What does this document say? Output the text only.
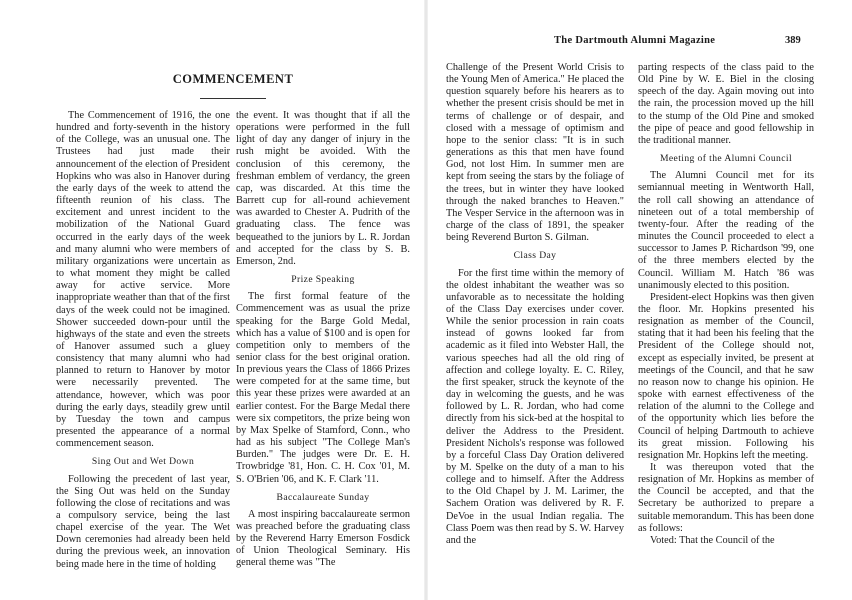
COMMENCEMENT

The Commencement of 1916, the one hundred and forty-seventh in the history of the College, was an unusual one. The Trustees had just made their announcement of the election of President Hopkins who was also in Hanover during the early days of the week to attend the fifteenth reunion of his class. The excitement and unrest incident to the mobilization of the National Guard occurred in the early days of the week and many alumni who were members of military organizations were uncertain as to what moment they might be called away for active service. More inappropriate weather than that of the first days of the week could not be imagined. Shower succeeded down-pour until the highways of the state and even the streets of Hanover assumed such a gluey consistency that many alumni who had planned to return to Hanover by motor were necessarily prevented. The attendance, however, which was poor during the early days, steadily grew until by Tuesday the town and campus presented the appearance of a normal commencement season.

Sing Out and Wet Down

Following the precedent of last year, the Sing Out was held on the Sunday following the close of recitations and was a compulsory service, being the last chapel exercise of the year. The Wet Down ceremonies had already been held during the previous week, an innovation being made here in the time of holding

the event. It was thought that if all the operations were performed in the full light of day any danger of injury in the rush might be avoided. With the conclusion of this ceremony, the freshman emblem of verdancy, the green cap, was discarded. At this time the Barrett cup for all-round achievement was awarded to Chester A. Pudrith of the graduating class. The fence was bequeathed to the juniors by L. R. Jordan and accepted for the class by S. B. Emerson, 2nd.

Prize Speaking

The first formal feature of the Commencement was as usual the prize speaking for the Barge Gold Medal, which has a value of $100 and is open for competition only to members of the senior class for the best original oration. In previous years the Class of 1866 Prizes were competed for at the same time, but this year these prizes were awarded at an earlier contest. For the Barge Medal there were six competitors, the prize being won by Max Spelke of Stamford, Conn., who had as his subject "The College Man's Burden." The judges were Dr. E. H. Trowbridge '81, Hon. C. H. Cox '01, M. S. O'Brien '06, and K. F. Clark '11.

Baccalaureate Sunday

A most inspiring baccalaureate sermon was preached before the graduating class by the Reverend Harry Emerson Fosdick of Union Theological Seminary. His general theme was "The

The Dartmouth Alumni Magazine	389

Challenge of the Present World Crisis to the Young Men of America." He placed the question squarely before his hearers as to whether the present crisis should be met in terms of challenge or of despair, and closed with a message of optimism and hope to the senior class: "It is in such generations as this that men have found God, not lost Him. In summer men are kept from seeing the stars by the foliage of the trees, but in winter they have looked through the naked branches to Heaven." The Vesper Service in the afternoon was in charge of the class of 1891, the speaker being Reverend Burton S. Gilman.

Class Day

For the first time within the memory of the oldest inhabitant the weather was so unfavorable as to necessitate the holding of the Class Day exercises under cover. While the senior procession in rain coats instead of gowns looked far from academic as it filed into Webster Hall, the various speeches had all the old ring of affection and college loyalty. E. C. Riley, the first speaker, struck the keynote of the day in welcoming the guests, and he was followed by L. R. Jordan, who had come directly from his sick-bed at the hospital to deliver the Address to the President. President Nichols's response was followed by a forceful Class Day Oration delivered by M. Spelke on the duty of a man to his college and to himself. After the Address to the Old Chapel by J. M. Larimer, the Sachem Oration was delivered by R. F. DeVoe in the usual Indian regalia. The Class Poem was then read by S. W. Harvey and the

parting respects of the class paid to the Old Pine by W. E. Biel in the closing speech of the day. Again moving out into the rain, the procession moved up the hill to the stump of the Old Pine and smoked the pipe of peace and good fellowship in the traditional manner.

Meeting of the Alumni Council

The Alumni Council met for its semiannual meeting in Wentworth Hall, the roll call showing an attendance of nineteen out of a total membership of twenty-four. After the reading of the minutes the Council proceeded to elect a successor to James P. Richardson '99, one of the three members elected by the Council. William M. Hatch '86 was unanimously elected to this position.

President-elect Hopkins was then given the floor. Mr. Hopkins presented his resignation as member of the Council, stating that it had been his feeling that the President of the College should not, except as especially invited, be present at meetings of the Council, and that he saw no reason now to change his opinion. He spoke with earnest effectiveness of the relation of the alumni to the College and of the opportunity which lies before the Council of helping Dartmouth to achieve its great mission. Following his resignation Mr. Hopkins left the meeting.

It was thereupon voted that the resignation of Mr. Hopkins as member of the Council be accepted, and that the Secretary be authorized to prepare a suitable memorandum. This has been done as follows:

Voted: That the Council of the
